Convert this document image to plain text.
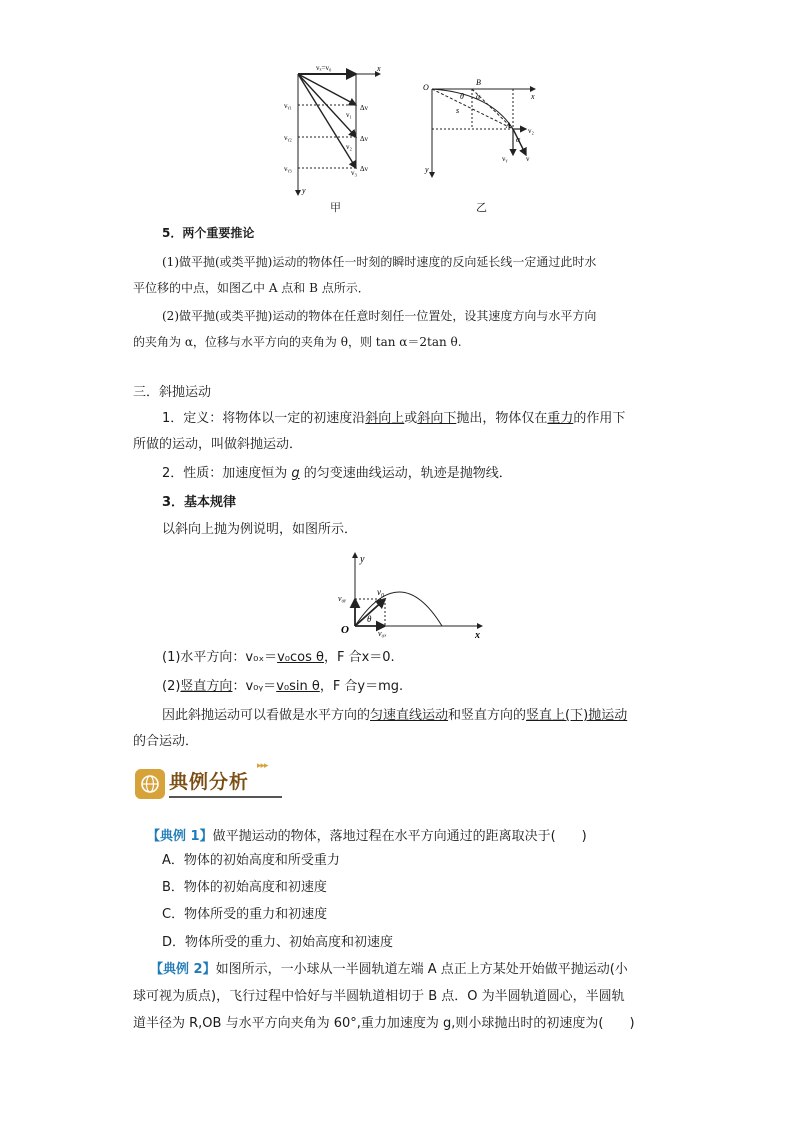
vₓ=v₀	x
y
vᵧ₁
vᵧ₂
vᵧ₃
v₁
v₂
v₃
Δv
Δv
Δv
甲
O
B
A
x
y
θ α
α
s
v₂
vᵧ	v
乙
5．两个重要推论
(1)做平抛(或类平抛)运动的物体任一时刻的瞬时速度的反向延长线一定通过此时水
平位移的中点，如图乙中 A 点和 B 点所示．
(2)做平抛(或类平抛)运动的物体在任意时刻任一位置处，设其速度方向与水平方向
的夹角为 α，位移与水平方向的夹角为 θ，则 tan α＝2tan θ.
三．斜抛运动
1．定义：将物体以一定的初速度沿斜向上或斜向下抛出，物体仅在重力的作用下
所做的运动，叫做斜抛运动．
2．性质：加速度恒为 g 的匀变速曲线运动，轨迹是抛物线．
3．基本规律
以斜向上抛为例说明，如图所示．
y
x
O
v₀
v₀ᵧ
v₀ₓ
θ
(1)水平方向：v₀ₓ＝v₀cos θ，F 合x＝0.
(2)竖直方向：v₀ᵧ＝v₀sin θ，F 合y＝mg.
因此斜抛运动可以看做是水平方向的匀速直线运动和竖直方向的竖直上(下)抛运动
的合运动．
典例分析
▸▸▸
【典例 1】做平抛运动的物体，落地过程在水平方向通过的距离取决于(　　)
A．物体的初始高度和所受重力
B．物体的初始高度和初速度
C．物体所受的重力和初速度
D．物体所受的重力、初始高度和初速度
【典例 2】如图所示，一小球从一半圆轨道左端 A 点正上方某处开始做平抛运动(小
球可视为质点)，飞行过程中恰好与半圆轨道相切于 B 点．O 为半圆轨道圆心，半圆轨
道半径为 R,OB 与水平方向夹角为 60°,重力加速度为 g,则小球抛出时的初速度为(　　)
